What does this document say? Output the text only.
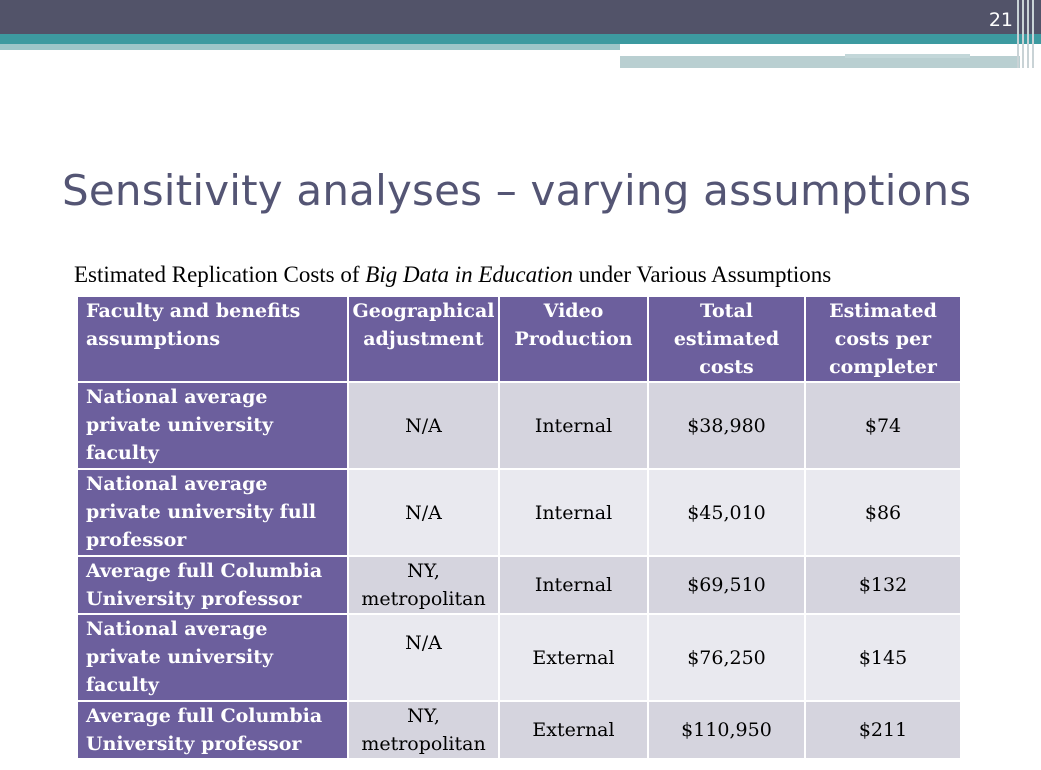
21
Sensitivity analyses – varying assumptions
Estimated Replication Costs of Big Data in Education under Various Assumptions
Faculty and benefits assumptions	Geographical adjustment	Video Production	Total estimated costs	Estimated costs per completer
National average private university faculty	N/A	Internal	$38,980	$74
National average private university full professor	N/A	Internal	$45,010	$86
Average full Columbia University professor	NY, metropolitan	Internal	$69,510	$132
National average private university faculty	N/A	External	$76,250	$145
Average full Columbia University professor	NY, metropolitan	External	$110,950	$211
